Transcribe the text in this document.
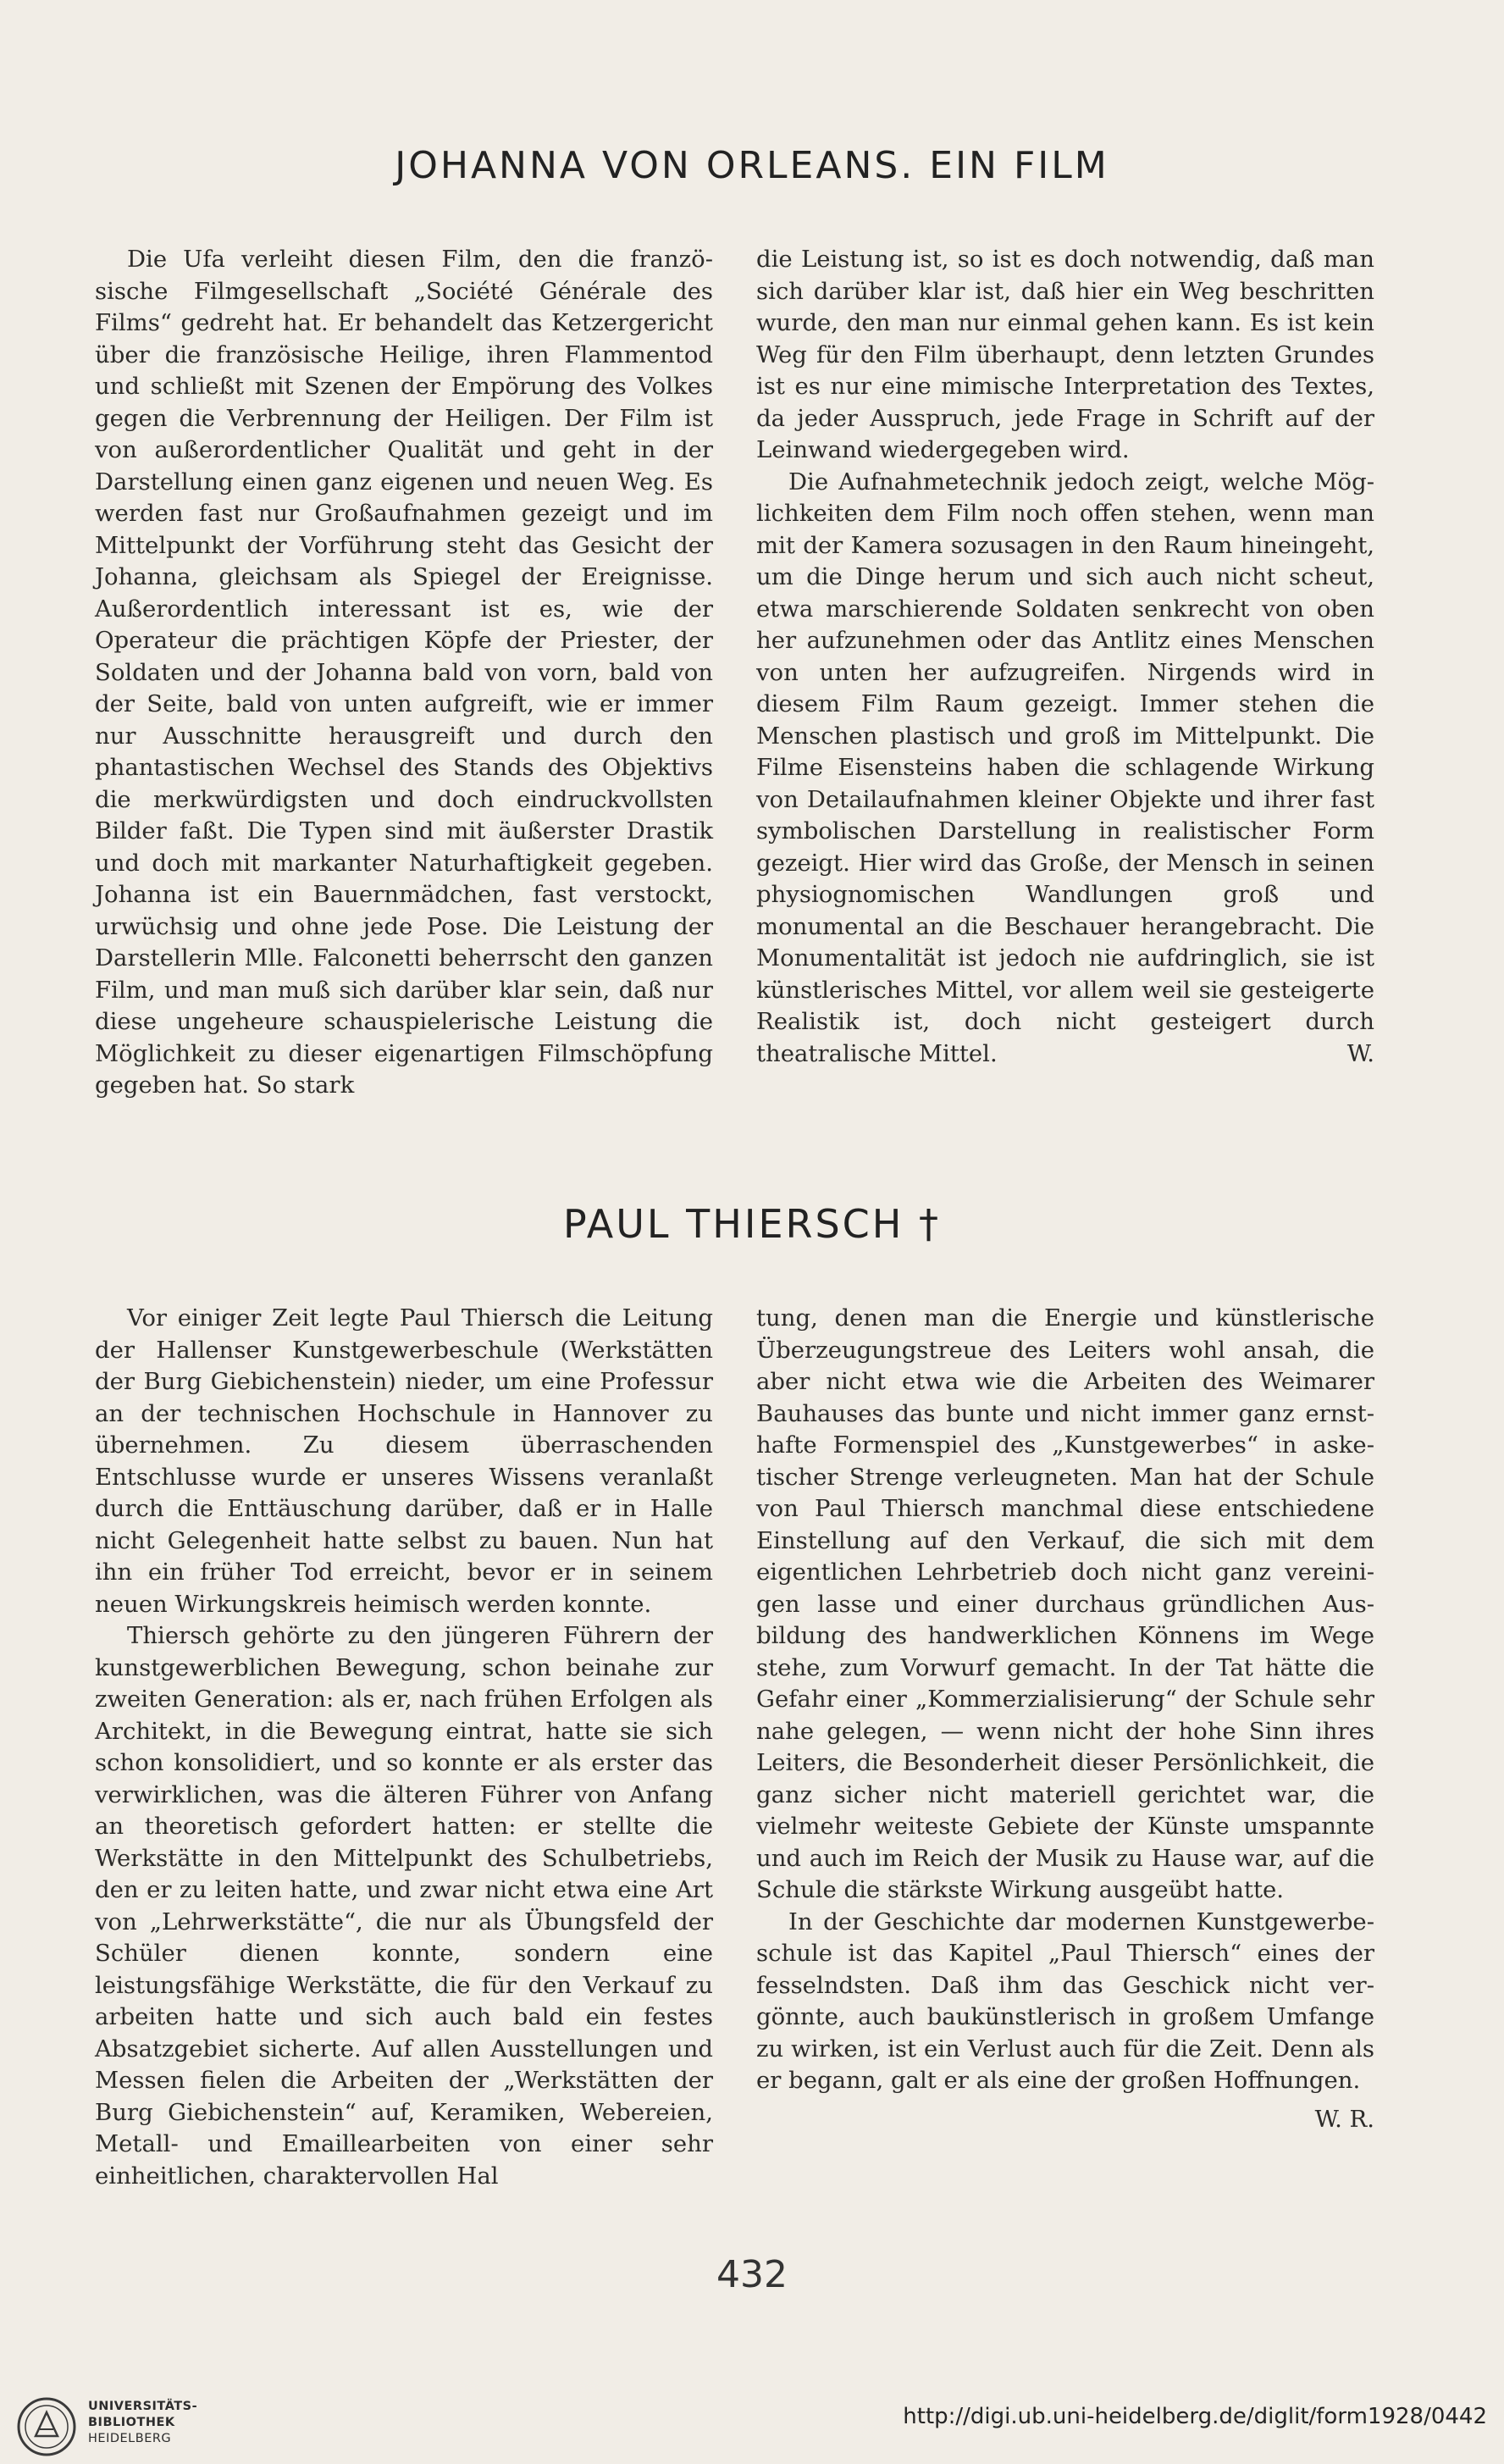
JOHANNA VON ORLEANS. EIN FILM

Die Ufa verleiht diesen Film, den die französische Filmgesellschaft „Société Générale des Films“ gedreht hat. Er behandelt das Ketzergericht über die französische Heilige, ihren Flammentod und schließt mit Szenen der Empörung des Volkes gegen die Verbrennung der Heiligen. Der Film ist von außerordentlicher Qualität und geht in der Darstellung einen ganz eigenen und neuen Weg. Es werden fast nur Großaufnahmen gezeigt und im Mittelpunkt der Vorführung steht das Gesicht der Johanna, gleichsam als Spiegel der Ereignisse. Außerordentlich interessant ist es, wie der Operateur die prächtigen Köpfe der Priester, der Soldaten und der Johanna bald von vorn, bald von der Seite, bald von unten aufgreift, wie er immer nur Ausschnitte herausgreift und durch den phantastischen Wechsel des Stands des Objektivs die merkwürdigsten und doch eindruckvollsten Bilder faßt. Die Typen sind mit äußerster Drastik und doch mit markanter Naturhaftigkeit gegeben. Johanna ist ein Bauernmädchen, fast verstockt, urwüchsig und ohne jede Pose. Die Leistung der Darstellerin Mlle. Falconetti beherrscht den ganzen Film, und man muß sich darüber klar sein, daß nur diese ungeheure schauspielerische Leistung die Möglichkeit zu dieser eigenartigen Filmschöpfung gegeben hat. So stark

die Leistung ist, so ist es doch notwendig, daß man sich darüber klar ist, daß hier ein Weg beschritten wurde, den man nur einmal gehen kann. Es ist kein Weg für den Film überhaupt, denn letzten Grundes ist es nur eine mimische Interpretation des Textes, da jeder Ausspruch, jede Frage in Schrift auf der Leinwand wiedergegeben wird.

Die Aufnahmetechnik jedoch zeigt, welche Möglichkeiten dem Film noch offen stehen, wenn man mit der Kamera sozusagen in den Raum hineingeht, um die Dinge herum und sich auch nicht scheut, etwa marschierende Soldaten senkrecht von oben her aufzunehmen oder das Antlitz eines Menschen von unten her aufzugreifen. Nirgends wird in diesem Film Raum gezeigt. Immer stehen die Menschen plastisch und groß im Mittelpunkt. Die Filme Eisensteins haben die schlagende Wirkung von Detailaufnahmen kleiner Objekte und ihrer fast symbolischen Darstellung in realistischer Form gezeigt. Hier wird das Große, der Mensch in seinen physiognomischen Wandlungen groß und monumental an die Beschauer herangebracht. Die Monumentalität ist jedoch nie aufdringlich, sie ist künstlerisches Mittel, vor allem weil sie gesteigerte Realistik ist, doch nicht gesteigert durch theatralische Mittel.	W.

PAUL THIERSCH †

Vor einiger Zeit legte Paul Thiersch die Leitung der Hallenser Kunstgewerbeschule (Werkstätten der Burg Giebichenstein) nieder, um eine Professur an der technischen Hochschule in Hannover zu übernehmen. Zu diesem überraschenden Entschlusse wurde er unseres Wissens veranlaßt durch die Enttäuschung darüber, daß er in Halle nicht Gelegenheit hatte selbst zu bauen. Nun hat ihn ein früher Tod erreicht, bevor er in seinem neuen Wirkungskreis heimisch werden konnte.

Thiersch gehörte zu den jüngeren Führern der kunstgewerblichen Bewegung, schon beinahe zur zweiten Generation: als er, nach frühen Erfolgen als Architekt, in die Bewegung eintrat, hatte sie sich schon konsolidiert, und so konnte er als erster das verwirklichen, was die älteren Führer von Anfang an theoretisch gefordert hatten: er stellte die Werkstätte in den Mittelpunkt des Schulbetriebs, den er zu leiten hatte, und zwar nicht etwa eine Art von „Lehrwerkstätte“, die nur als Übungsfeld der Schüler dienen konnte, sondern eine leistungsfähige Werkstätte, die für den Verkauf zu arbeiten hatte und sich auch bald ein festes Absatzgebiet sicherte. Auf allen Ausstellungen und Messen fielen die Arbeiten der „Werkstätten der Burg Giebichenstein“ auf, Keramiken, Webereien, Metall- und Emaillearbeiten von einer sehr einheitlichen, charaktervollen Hal

tung, denen man die Energie und künstlerische Überzeugungstreue des Leiters wohl ansah, die aber nicht etwa wie die Arbeiten des Weimarer Bauhauses das bunte und nicht immer ganz ernsthafte Formenspiel des „Kunstgewerbes“ in asketischer Strenge verleugneten. Man hat der Schule von Paul Thiersch manchmal diese entschiedene Einstellung auf den Verkauf, die sich mit dem eigentlichen Lehrbetrieb doch nicht ganz vereinigen lasse und einer durchaus gründlichen Ausbildung des handwerklichen Könnens im Wege stehe, zum Vorwurf gemacht. In der Tat hätte die Gefahr einer „Kommerzialisierung“ der Schule sehr nahe gelegen, — wenn nicht der hohe Sinn ihres Leiters, die Besonderheit dieser Persönlichkeit, die ganz sicher nicht materiell gerichtet war, die vielmehr weiteste Gebiete der Künste umspannte und auch im Reich der Musik zu Hause war, auf die Schule die stärkste Wirkung ausgeübt hatte.

In der Geschichte dar modernen Kunstgewerbeschule ist das Kapitel „Paul Thiersch“ eines der fesselndsten. Daß ihm das Geschick nicht vergönnte, auch baukünstlerisch in großem Umfange zu wirken, ist ein Verlust auch für die Zeit. Denn als er begann, galt er als eine der großen Hoffnungen.

W. R.

432
UNIVERSITÄTS-
BIBLIOTHEK
HEIDELBERG
http://digi.ub.uni-heidelberg.de/diglit/form1928/0442
